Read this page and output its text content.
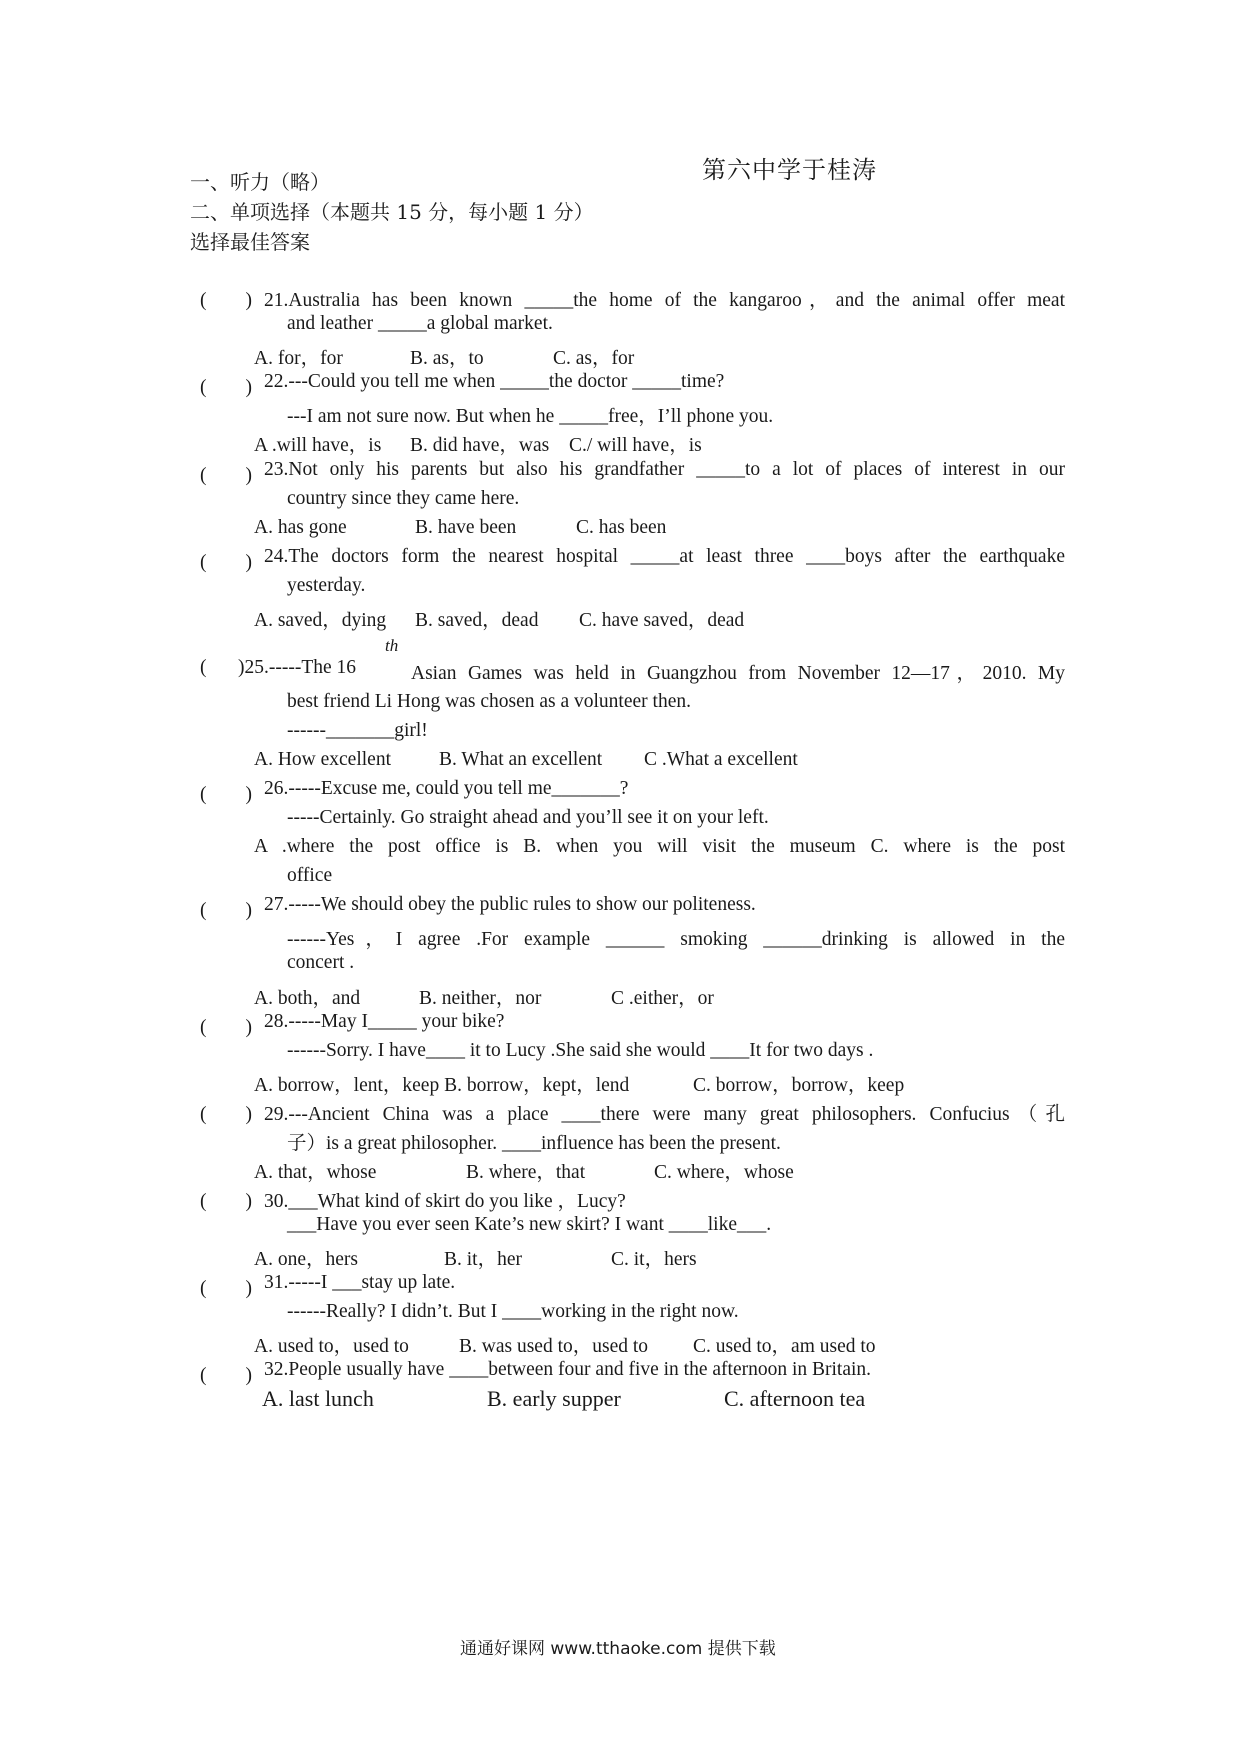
第六中学于桂涛
一、听力（略）
二、单项选择（本题共 15 分，每小题 1 分）
选择最佳答案
(　　) 21.Australia has been known _____the home of the kangaroo，and the animal offer meat
and leather _____a global market.
A. for，for	B. as，to	C. as，for
(　　) 22.---Could you tell me when _____the doctor _____time?
---I am not sure now. But when he _____free，I’ll phone you.
A .will have，is B. did have，was C./ will have，is
(　　) 23.Not only his parents but also his grandfather _____to a lot of places of interest in our
country since they came here.
A. has gone	B. have been	C. has been
(　　) 24.The doctors form the nearest hospital _____at least three ____boys after the earthquake
yesterday.
A. saved，dying B. saved，dead C. have saved，dead
( )25.-----The 16
th
Asian Games was held in Guangzhou from November 12—17，2010. My
best friend Li Hong was chosen as a volunteer then.
------_______girl!
A. How excellent B. What an excellent C .What a excellent
(　　) 26.-----Excuse me, could you tell me_______?
-----Certainly. Go straight ahead and you’ll see it on your left.
A .where the post office is B. when you will visit the museum C. where is the post
office
(　　) 27.-----We should obey the public rules to show our politeness.
------Yes，I agree .For example ______ smoking ______drinking is allowed in the
concert .
A. both，and	B. neither，nor	C .either，or
(　　) 28.-----May I_____ your bike?
------Sorry. I have____ it to Lucy .She said she would ____It for two days .
A. borrow，lent，keep B. borrow，kept，lend	C. borrow，borrow，keep
(　　) 29.---Ancient China was a place ____there were many great philosophers. Confucius（孔
子）is a great philosopher. ____influence has been the present.
A. that，whose	B. where，that	C. where，whose
(　　) 30.___What kind of skirt do you like ，Lucy?
___Have you ever seen Kate’s new skirt? I want ____like___.
A. one，hers	B. it，her	C. it，hers
(　　) 31.-----I ___stay up late.
------Really? I didn’t. But I ____working in the right now.
A. used to，used to	B. was used to，used to C. used to，am used to
(　　) 32.People usually have ____between four and five in the afternoon in Britain.
A. last lunch	B. early supper	C. afternoon tea
通通好课网 www.tthaoke.com 提供下载
